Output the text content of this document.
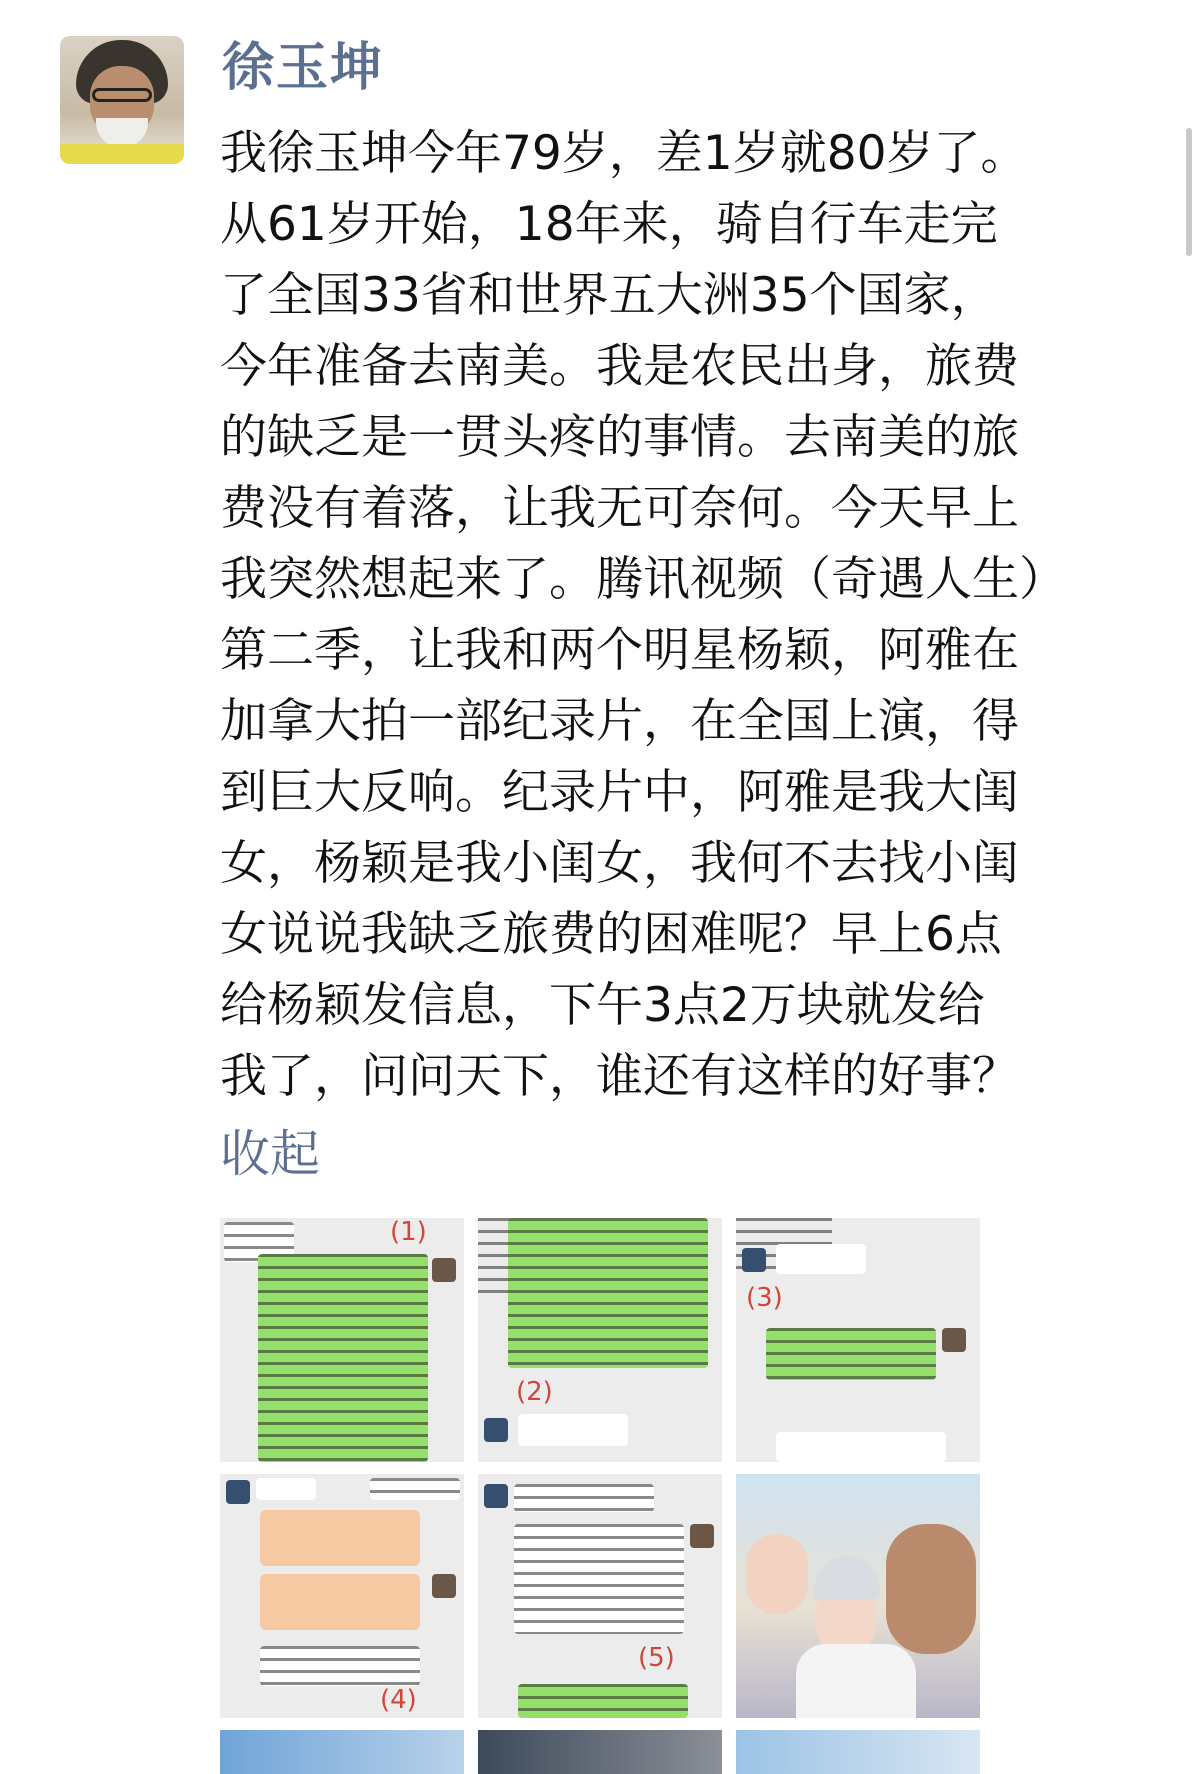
徐玉坤
我徐玉坤今年79岁，差1岁就80岁了。
从61岁开始，18年来，骑自行车走完
了全国33省和世界五大洲35个国家，
今年准备去南美。我是农民出身，旅费
的缺乏是一贯头疼的事情。去南美的旅
费没有着落，让我无可奈何。今天早上
我突然想起来了。腾讯视频（奇遇人生）
第二季，让我和两个明星杨颖，阿雅在
加拿大拍一部纪录片，在全国上演，得
到巨大反响。纪录片中，阿雅是我大闺
女，杨颖是我小闺女，我何不去找小闺
女说说我缺乏旅费的困难呢？早上6点
给杨颖发信息，下午3点2万块就发给
我了，问问天下，谁还有这样的好事？
收起
(1)
(2)
(3)
(4)
(5)
